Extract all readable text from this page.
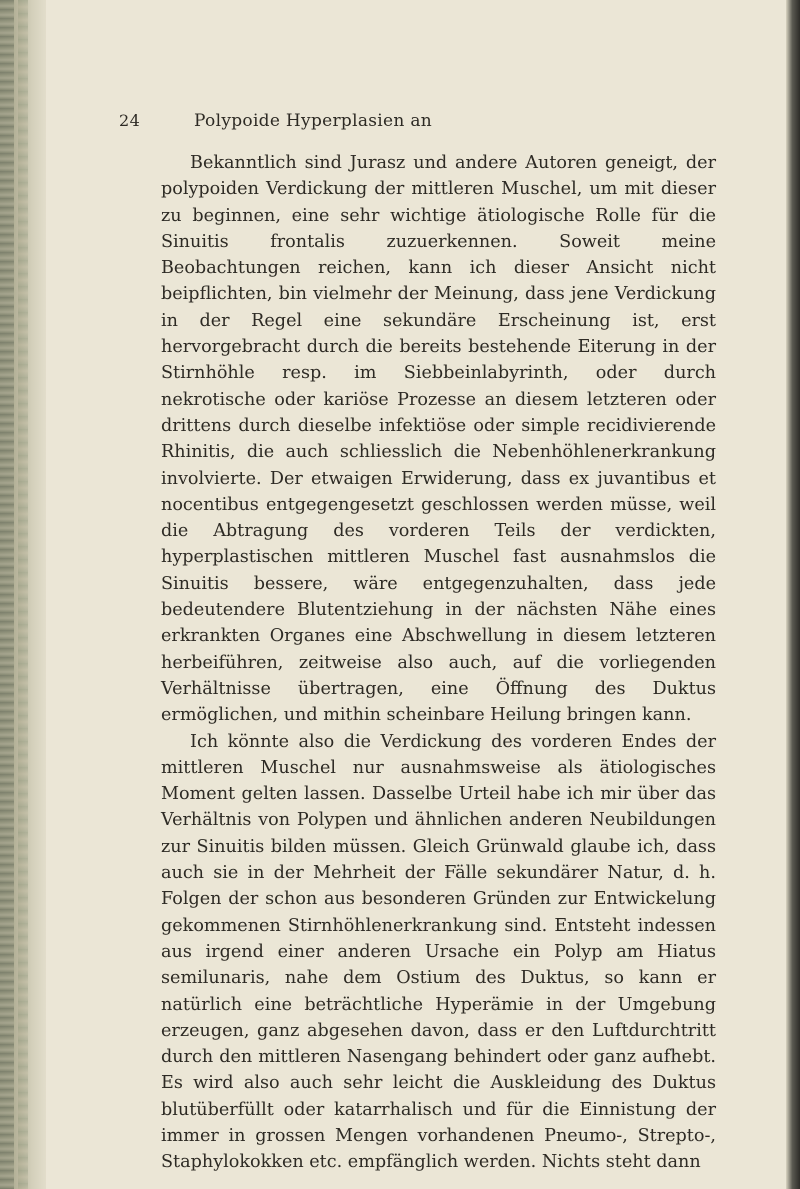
24	Polypoide Hyperplasien an

Bekanntlich sind Jurasz und andere Autoren geneigt, der polypoiden Verdickung der mittleren Muschel, um mit dieser zu beginnen, eine sehr wichtige ätiologische Rolle für die Sinuitis frontalis zuzuerkennen. Soweit meine Beobachtungen reichen, kann ich dieser Ansicht nicht beipflichten, bin vielmehr der Meinung, dass jene Verdickung in der Regel eine sekundäre Erscheinung ist, erst hervorgebracht durch die bereits bestehende Eiterung in der Stirnhöhle resp. im Siebbeinlabyrinth, oder durch nekrotische oder kariöse Prozesse an diesem letzteren oder drittens durch dieselbe infektiöse oder simple recidivierende Rhinitis, die auch schliesslich die Nebenhöhlenerkrankung involvierte. Der etwaigen Erwiderung, dass ex juvantibus et nocentibus entgegengesetzt geschlossen werden müsse, weil die Abtragung des vorderen Teils der verdickten, hyperplastischen mittleren Muschel fast ausnahmslos die Sinuitis bessere, wäre entgegenzuhalten, dass jede bedeutendere Blutentziehung in der nächsten Nähe eines erkrankten Organes eine Abschwellung in diesem letzteren herbeiführen, zeitweise also auch, auf die vorliegenden Verhältnisse übertragen, eine Öffnung des Duktus ermöglichen, und mithin scheinbare Heilung bringen kann.

Ich könnte also die Verdickung des vorderen Endes der mittleren Muschel nur ausnahmsweise als ätiologisches Moment gelten lassen. Dasselbe Urteil habe ich mir über das Verhältnis von Polypen und ähnlichen anderen Neubildungen zur Sinuitis bilden müssen. Gleich Grünwald glaube ich, dass auch sie in der Mehrheit der Fälle sekundärer Natur, d. h. Folgen der schon aus besonderen Gründen zur Entwickelung gekommenen Stirnhöhlenerkrankung sind. Entsteht indessen aus irgend einer anderen Ursache ein Polyp am Hiatus semilunaris, nahe dem Ostium des Duktus, so kann er natürlich eine beträchtliche Hyperämie in der Umgebung erzeugen, ganz abgesehen davon, dass er den Luftdurchtritt durch den mittleren Nasengang behindert oder ganz aufhebt. Es wird also auch sehr leicht die Auskleidung des Duktus blutüberfüllt oder katarrhalisch und für die Einnistung der immer in grossen Mengen vorhandenen Pneumo-, Strepto-, Staphylokokken etc. empfänglich werden. Nichts steht dann
